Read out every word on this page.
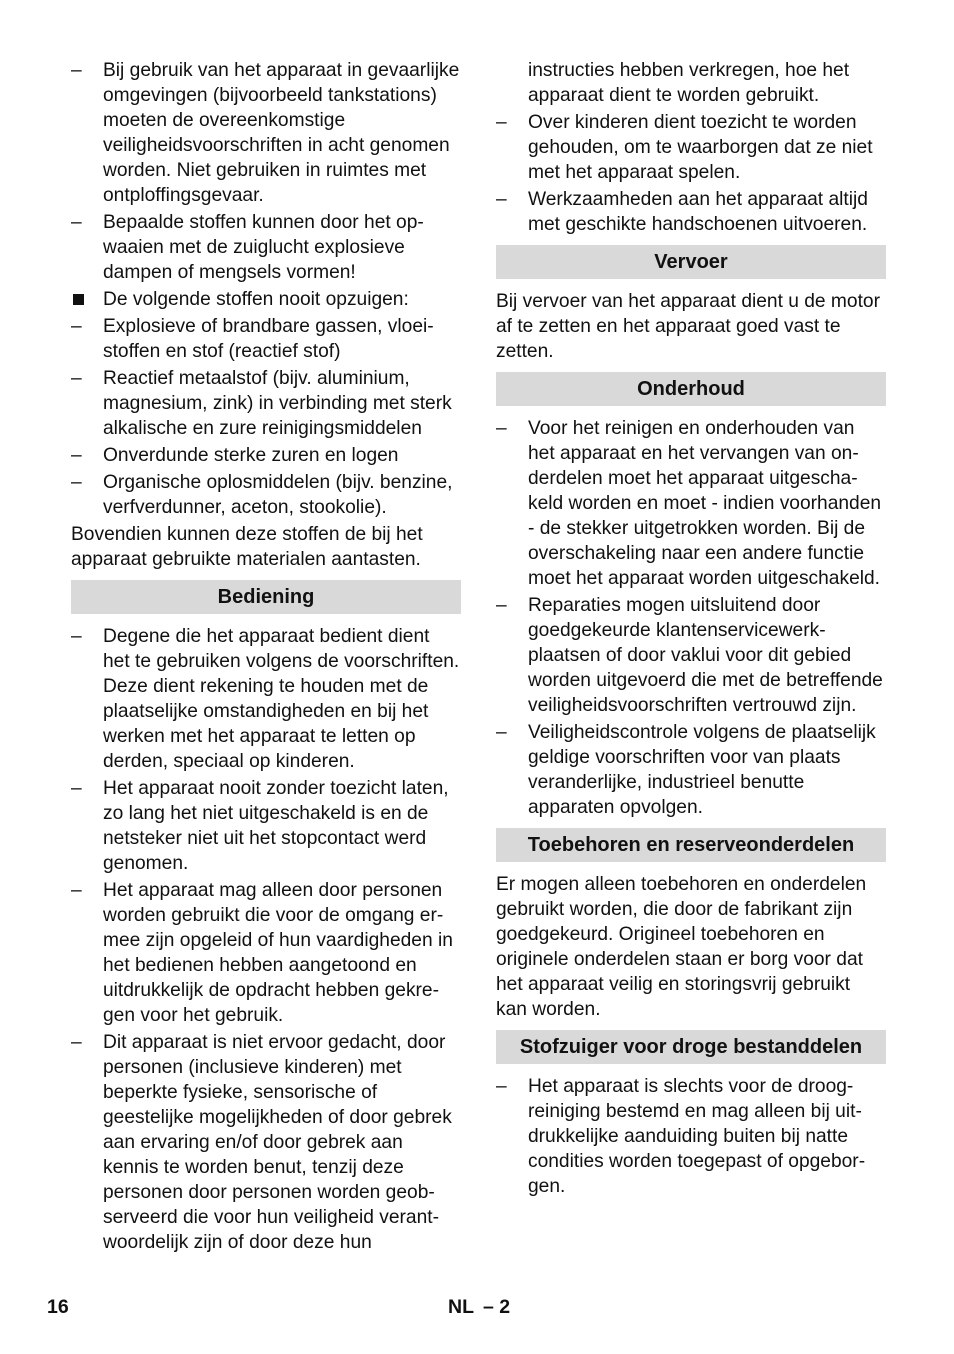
–	Bij gebruik van het apparaat in gevaarlijke omgevingen (bijvoorbeeld tankstations) moeten de overeenkomstige veiligheidsvoorschriften in acht genomen worden. Niet gebruiken in ruimtes met ontploffingsgevaar.
–	Bepaalde stoffen kunnen door het opwaaien met de zuiglucht explosieve dampen of mengsels vormen!
De volgende stoffen nooit opzuigen:
–	Explosieve of brandbare gassen, vloeistoffen en stof (reactief stof)
–	Reactief metaalstof (bijv. aluminium, magnesium, zink) in verbinding met sterk alkalische en zure reinigingsmiddelen
–	Onverdunde sterke zuren en logen
–	Organische oplosmiddelen (bijv. benzine, verfverdunner, aceton, stookolie).

Bovendien kunnen deze stoffen de bij het apparaat gebruikte materialen aantasten.

Bediening
–	Degene die het apparaat bedient dient het te gebruiken volgens de voorschriften. Deze dient rekening te houden met de plaatselijke omstandigheden en bij het werken met het apparaat te letten op derden, speciaal op kinderen.
–	Het apparaat nooit zonder toezicht laten, zo lang het niet uitgeschakeld is en de netsteker niet uit het stopcontact werd genomen.
–	Het apparaat mag alleen door personen worden gebruikt die voor de omgang ermee zijn opgeleid of hun vaardigheden in het bedienen hebben aangetoond en uitdrukkelijk de opdracht hebben gekregen voor het gebruik.
–	Dit apparaat is niet ervoor gedacht, door personen (inclusieve kinderen) met beperkte fysieke, sensorische of geestelijke mogelijkheden of door gebrek aan ervaring en/of door gebrek aan kennis te worden benut, tenzij deze personen door personen worden geobserveerd die voor hun veiligheid verantwoordelijk zijn of door deze hun
instructies hebben verkregen, hoe het apparaat dient te worden gebruikt.
–	Over kinderen dient toezicht te worden gehouden, om te waarborgen dat ze niet met het apparaat spelen.
–	Werkzaamheden aan het apparaat altijd met geschikte handschoenen uitvoeren.
Vervoer

Bij vervoer van het apparaat dient u de motor af te zetten en het apparaat goed vast te zetten.

Onderhoud
–	Voor het reinigen en onderhouden van het apparaat en het vervangen van onderdelen moet het apparaat uitgeschakeld worden en moet - indien voorhanden - de stekker uitgetrokken worden. Bij de overschakeling naar een andere functie moet het apparaat worden uitgeschakeld.
–	Reparaties mogen uitsluitend door goedgekeurde klantenservicewerkplaatsen of door vaklui voor dit gebied worden uitgevoerd die met de betreffende veiligheidsvoorschriften vertrouwd zijn.
–	Veiligheidscontrole volgens de plaatselijk geldige voorschriften voor van plaats veranderlijke, industrieel benutte apparaten opvolgen.
Toebehoren en reserveonderdelen

Er mogen alleen toebehoren en onderdelen gebruikt worden, die door de fabrikant zijn goedgekeurd. Origineel toebehoren en originele onderdelen staan er borg voor dat het apparaat veilig en storingsvrij gebruikt kan worden.

Stofzuiger voor droge bestanddelen
–	Het apparaat is slechts voor de droogreiniging bestemd en mag alleen bij uitdrukkelijke aanduiding buiten bij natte condities worden toegepast of opgeborgen.
16	NL – 2
